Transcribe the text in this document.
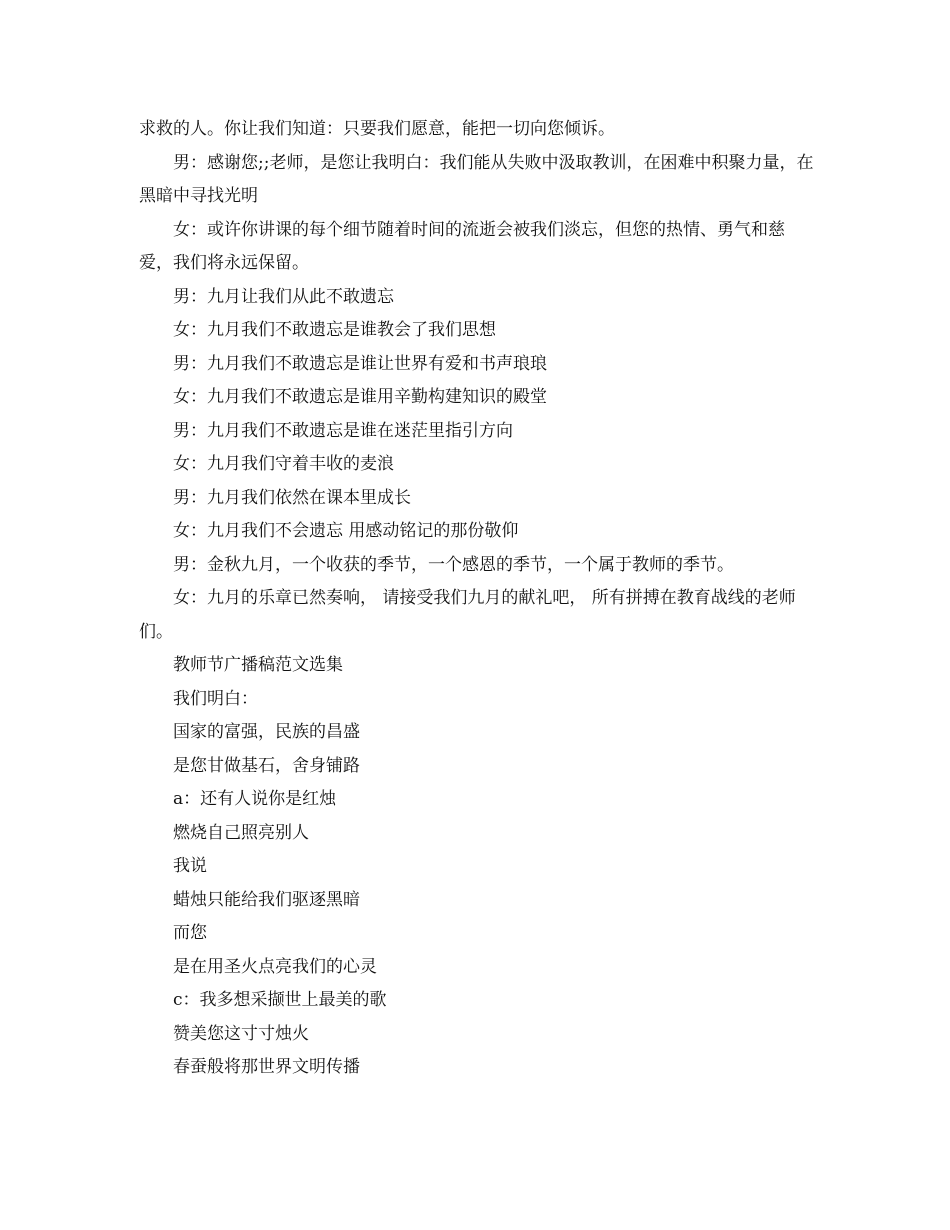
求救的人。你让我们知道：只要我们愿意，能把一切向您倾诉。

男：感谢您;;老师，是您让我明白：我们能从失败中汲取教训，在困难中积聚力量，在黑暗中寻找光明

女：或许你讲课的每个细节随着时间的流逝会被我们淡忘，但您的热情、勇气和慈爱，我们将永远保留。

男：九月让我们从此不敢遗忘

女：九月我们不敢遗忘是谁教会了我们思想

男：九月我们不敢遗忘是谁让世界有爱和书声琅琅

女：九月我们不敢遗忘是谁用辛勤构建知识的殿堂

男：九月我们不敢遗忘是谁在迷茫里指引方向

女：九月我们守着丰收的麦浪

男：九月我们依然在课本里成长

女：九月我们不会遗忘 用感动铭记的那份敬仰

男：金秋九月，一个收获的季节，一个感恩的季节，一个属于教师的季节。

女：九月的乐章已然奏响， 请接受我们九月的献礼吧， 所有拼搏在教育战线的老师们。

教师节广播稿范文选集

我们明白：

国家的富强，民族的昌盛

是您甘做基石，舍身铺路

a：还有人说你是红烛

燃烧自己照亮别人

我说

蜡烛只能给我们驱逐黑暗

而您

是在用圣火点亮我们的心灵

c：我多想采撷世上最美的歌

赞美您这寸寸烛火

春蚕般将那世界文明传播
